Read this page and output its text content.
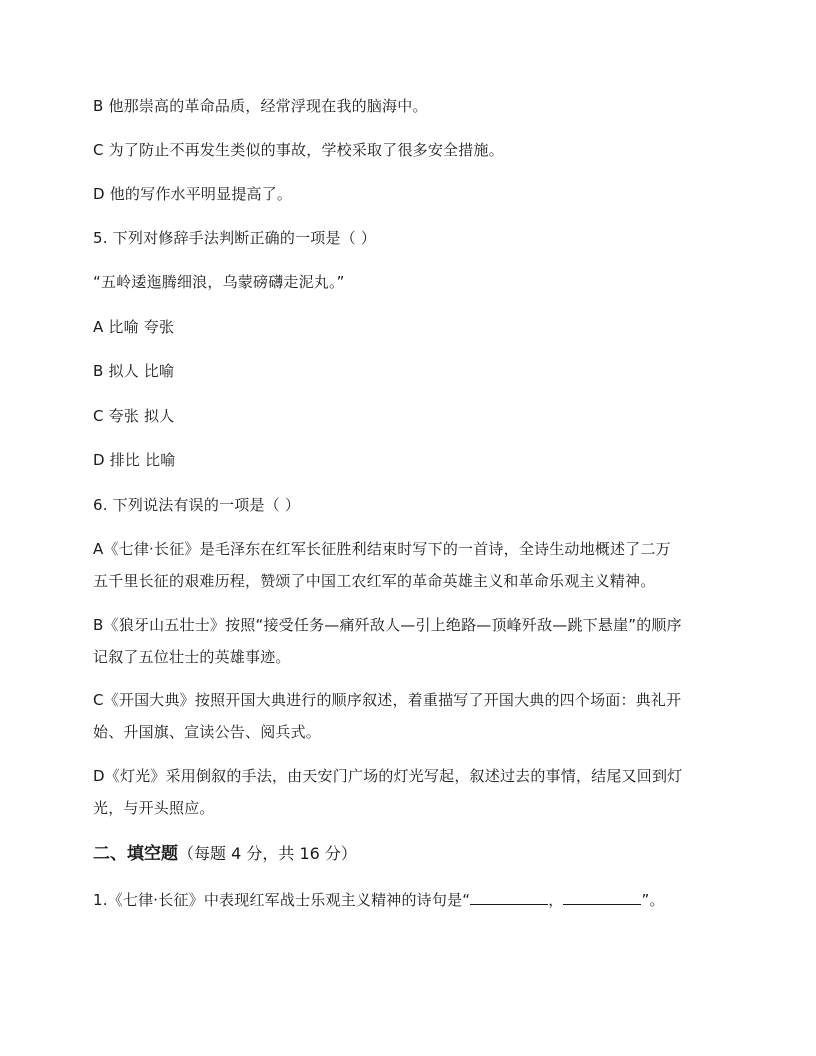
B 他那崇高的革命品质，经常浮现在我的脑海中。
C 为了防止不再发生类似的事故，学校采取了很多安全措施。
D 他的写作水平明显提高了。
5. 下列对修辞手法判断正确的一项是（ ）
“五岭逶迤腾细浪，乌蒙磅礴走泥丸。”
A 比喻 夸张
B 拟人 比喻
C 夸张 拟人
D 排比 比喻
6. 下列说法有误的一项是（ ）
A《七律·长征》是毛泽东在红军长征胜利结束时写下的一首诗，全诗生动地概述了二万
五千里长征的艰难历程，赞颂了中国工农红军的革命英雄主义和革命乐观主义精神。
B《狼牙山五壮士》按照“接受任务—痛歼敌人—引上绝路—顶峰歼敌—跳下悬崖”的顺序
记叙了五位壮士的英雄事迹。
C《开国大典》按照开国大典进行的顺序叙述，着重描写了开国大典的四个场面：典礼开
始、升国旗、宣读公告、阅兵式。
D《灯光》采用倒叙的手法，由天安门广场的灯光写起，叙述过去的事情，结尾又回到灯
光，与开头照应。
二、填空题（每题 4 分，共 16 分）
1.《七律·长征》中表现红军战士乐观主义精神的诗句是“	，	”。
